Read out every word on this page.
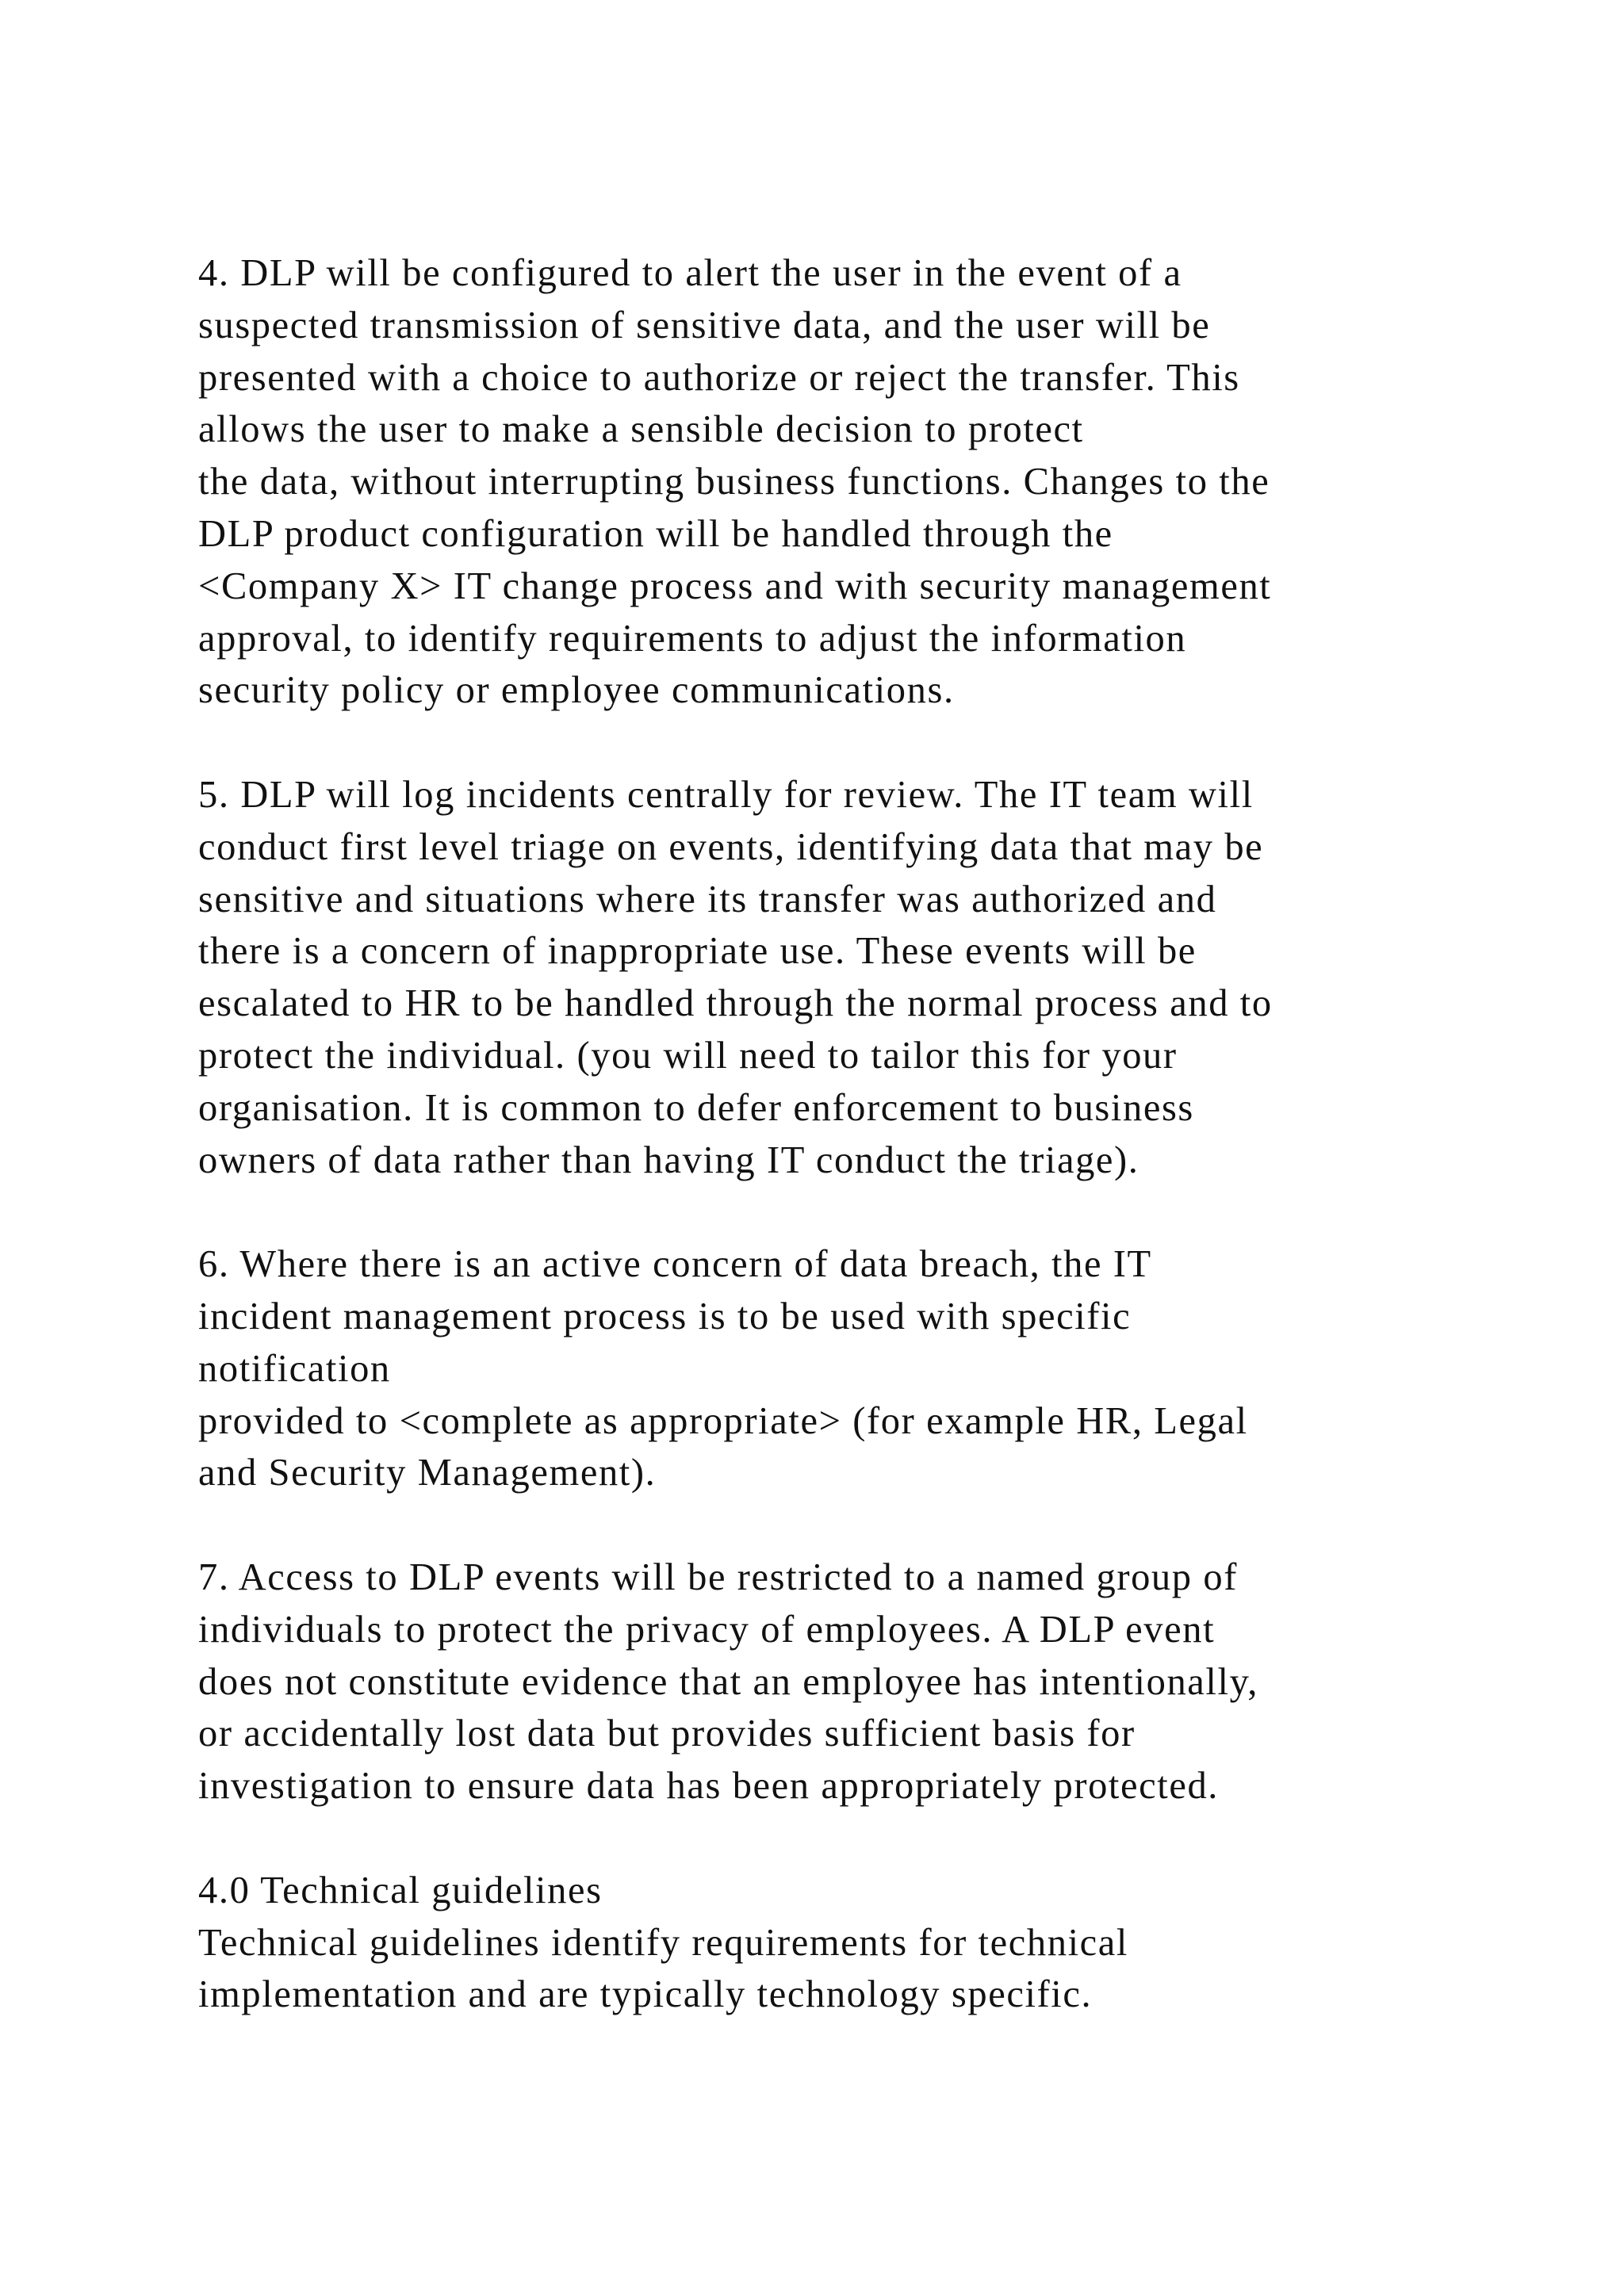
4. DLP will be configured to alert the user in the event of a
suspected transmission of sensitive data, and the user will be
presented with a choice to authorize or reject the transfer. This
allows the user to make a sensible decision to protect
the data, without interrupting business functions. Changes to the
DLP product configuration will be handled through the
<Company X> IT change process and with security management
approval, to identify requirements to adjust the information
security policy or employee communications.
5. DLP will log incidents centrally for review. The IT team will
conduct first level triage on events, identifying data that may be
sensitive and situations where its transfer was authorized and
there is a concern of inappropriate use. These events will be
escalated to HR to be handled through the normal process and to
protect the individual. (you will need to tailor this for your
organisation. It is common to defer enforcement to business
owners of data rather than having IT conduct the triage).
6. Where there is an active concern of data breach, the IT
incident management process is to be used with specific
notification
provided to <complete as appropriate> (for example HR, Legal
and Security Management).
7. Access to DLP events will be restricted to a named group of
individuals to protect the privacy of employees. A DLP event
does not constitute evidence that an employee has intentionally,
or accidentally lost data but provides sufficient basis for
investigation to ensure data has been appropriately protected.
4.0 Technical guidelines
Technical guidelines identify requirements for technical
implementation and are typically technology specific.
